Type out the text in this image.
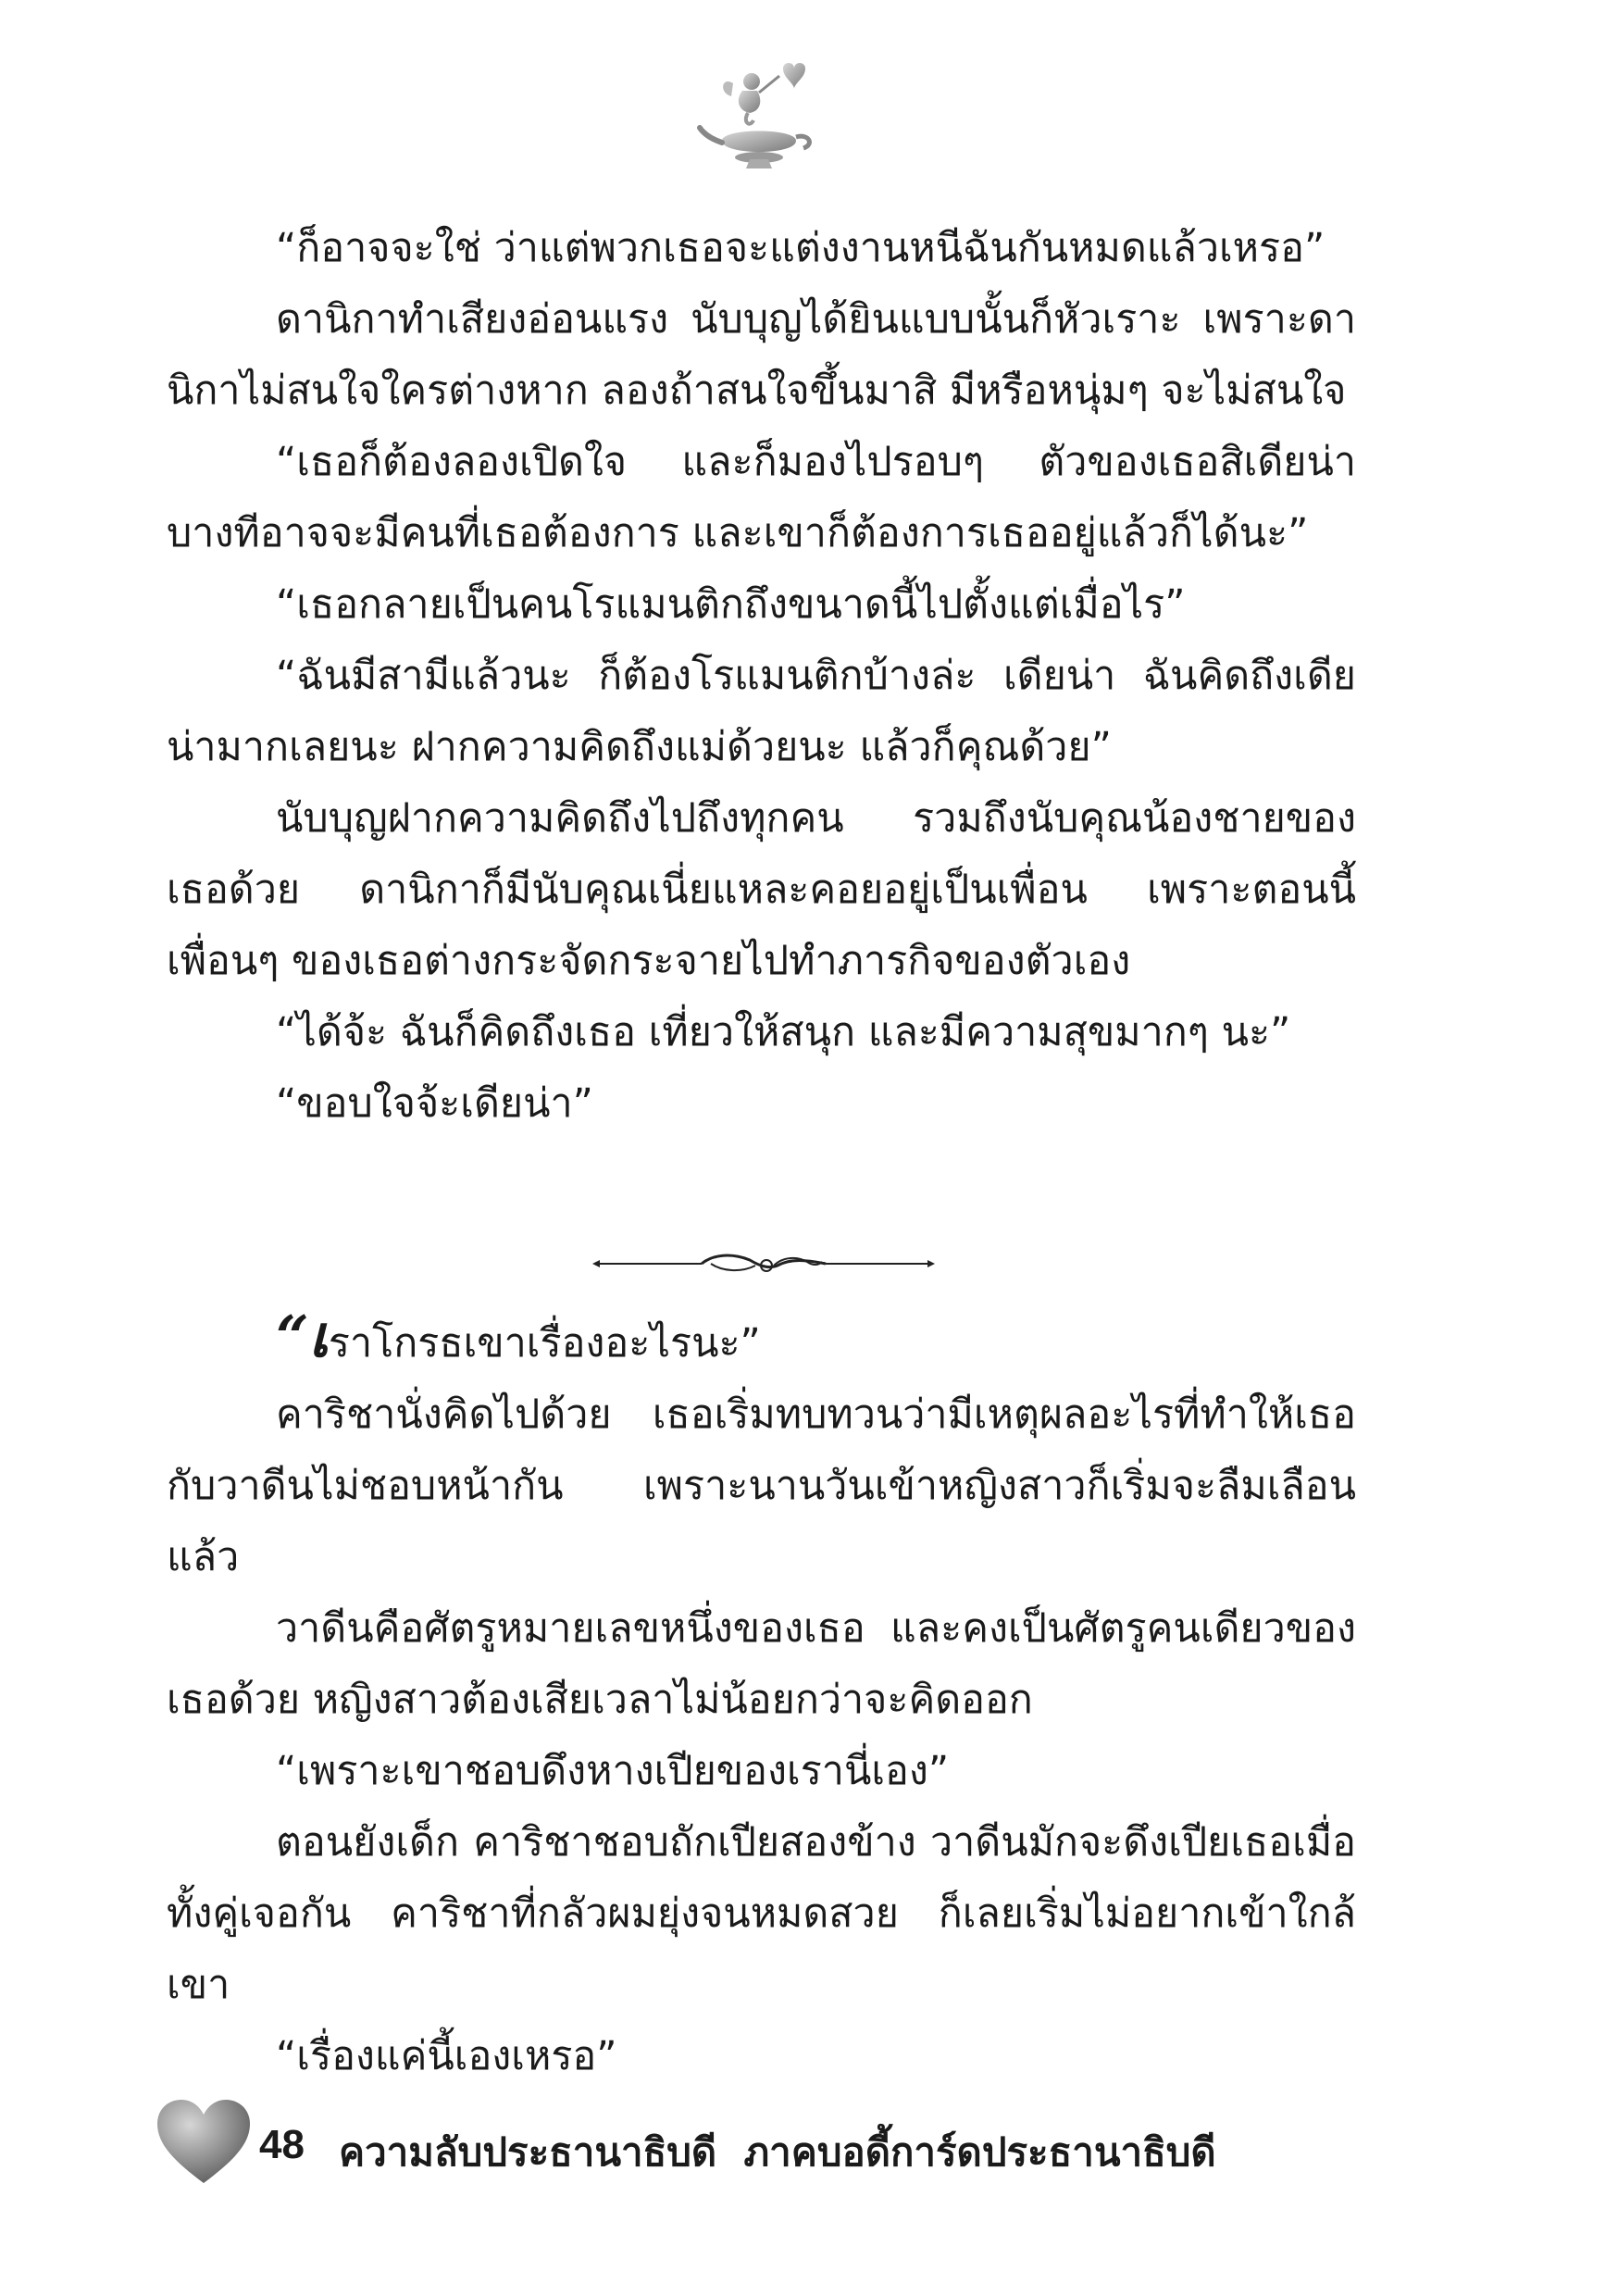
“ก็อาจจะใช่ ว่าแต่พวกเธอจะแต่งงานหนีฉันกันหมดแล้วเหรอ”

ดานิกาทำเสียงอ่อนแรง นับบุญได้ยินแบบนั้นก็หัวเราะ เพราะดานิกาไม่สนใจใครต่างหาก ลองถ้าสนใจขึ้นมาสิ มีหรือหนุ่มๆ จะไม่สนใจ

“เธอก็ต้องลองเปิดใจ และก็มองไปรอบๆ ตัวของเธอสิเดียน่า บางทีอาจจะมีคนที่เธอต้องการ และเขาก็ต้องการเธออยู่แล้วก็ได้นะ”

“เธอกลายเป็นคนโรแมนติกถึงขนาดนี้ไปตั้งแต่เมื่อไร”

“ฉันมีสามีแล้วนะ ก็ต้องโรแมนติกบ้างล่ะ เดียน่า ฉันคิดถึงเดียน่ามากเลยนะ ฝากความคิดถึงแม่ด้วยนะ แล้วก็คุณด้วย”

นับบุญฝากความคิดถึงไปถึงทุกคน รวมถึงนับคุณน้องชายของเธอด้วย ดานิกาก็มีนับคุณเนี่ยแหละคอยอยู่เป็นเพื่อน เพราะตอนนี้เพื่อนๆ ของเธอต่างกระจัดกระจายไปทำภารกิจของตัวเอง

“ได้จ้ะ ฉันก็คิดถึงเธอ เที่ยวให้สนุก และมีความสุขมากๆ นะ”

“ขอบใจจ้ะเดียน่า”

“เราโกรธเขาเรื่องอะไรนะ”

คาริชานั่งคิดไปด้วย เธอเริ่มทบทวนว่ามีเหตุผลอะไรที่ทำให้เธอกับวาดีนไม่ชอบหน้ากัน เพราะนานวันเข้าหญิงสาวก็เริ่มจะลืมเลือนแล้ว

วาดีนคือศัตรูหมายเลขหนึ่งของเธอ และคงเป็นศัตรูคนเดียวของเธอด้วย หญิงสาวต้องเสียเวลาไม่น้อยกว่าจะคิดออก

“เพราะเขาชอบดึงหางเปียของเรานี่เอง”

ตอนยังเด็ก คาริชาชอบถักเปียสองข้าง วาดีนมักจะดึงเปียเธอเมื่อทั้งคู่เจอกัน คาริชาที่กลัวผมยุ่งจนหมดสวย ก็เลยเริ่มไม่อยากเข้าใกล้เขา

“เรื่องแค่นี้เองเหรอ”

48 ความลับประธานาธิบดี  ภาคบอดี้การ์ดประธานาธิบดี
